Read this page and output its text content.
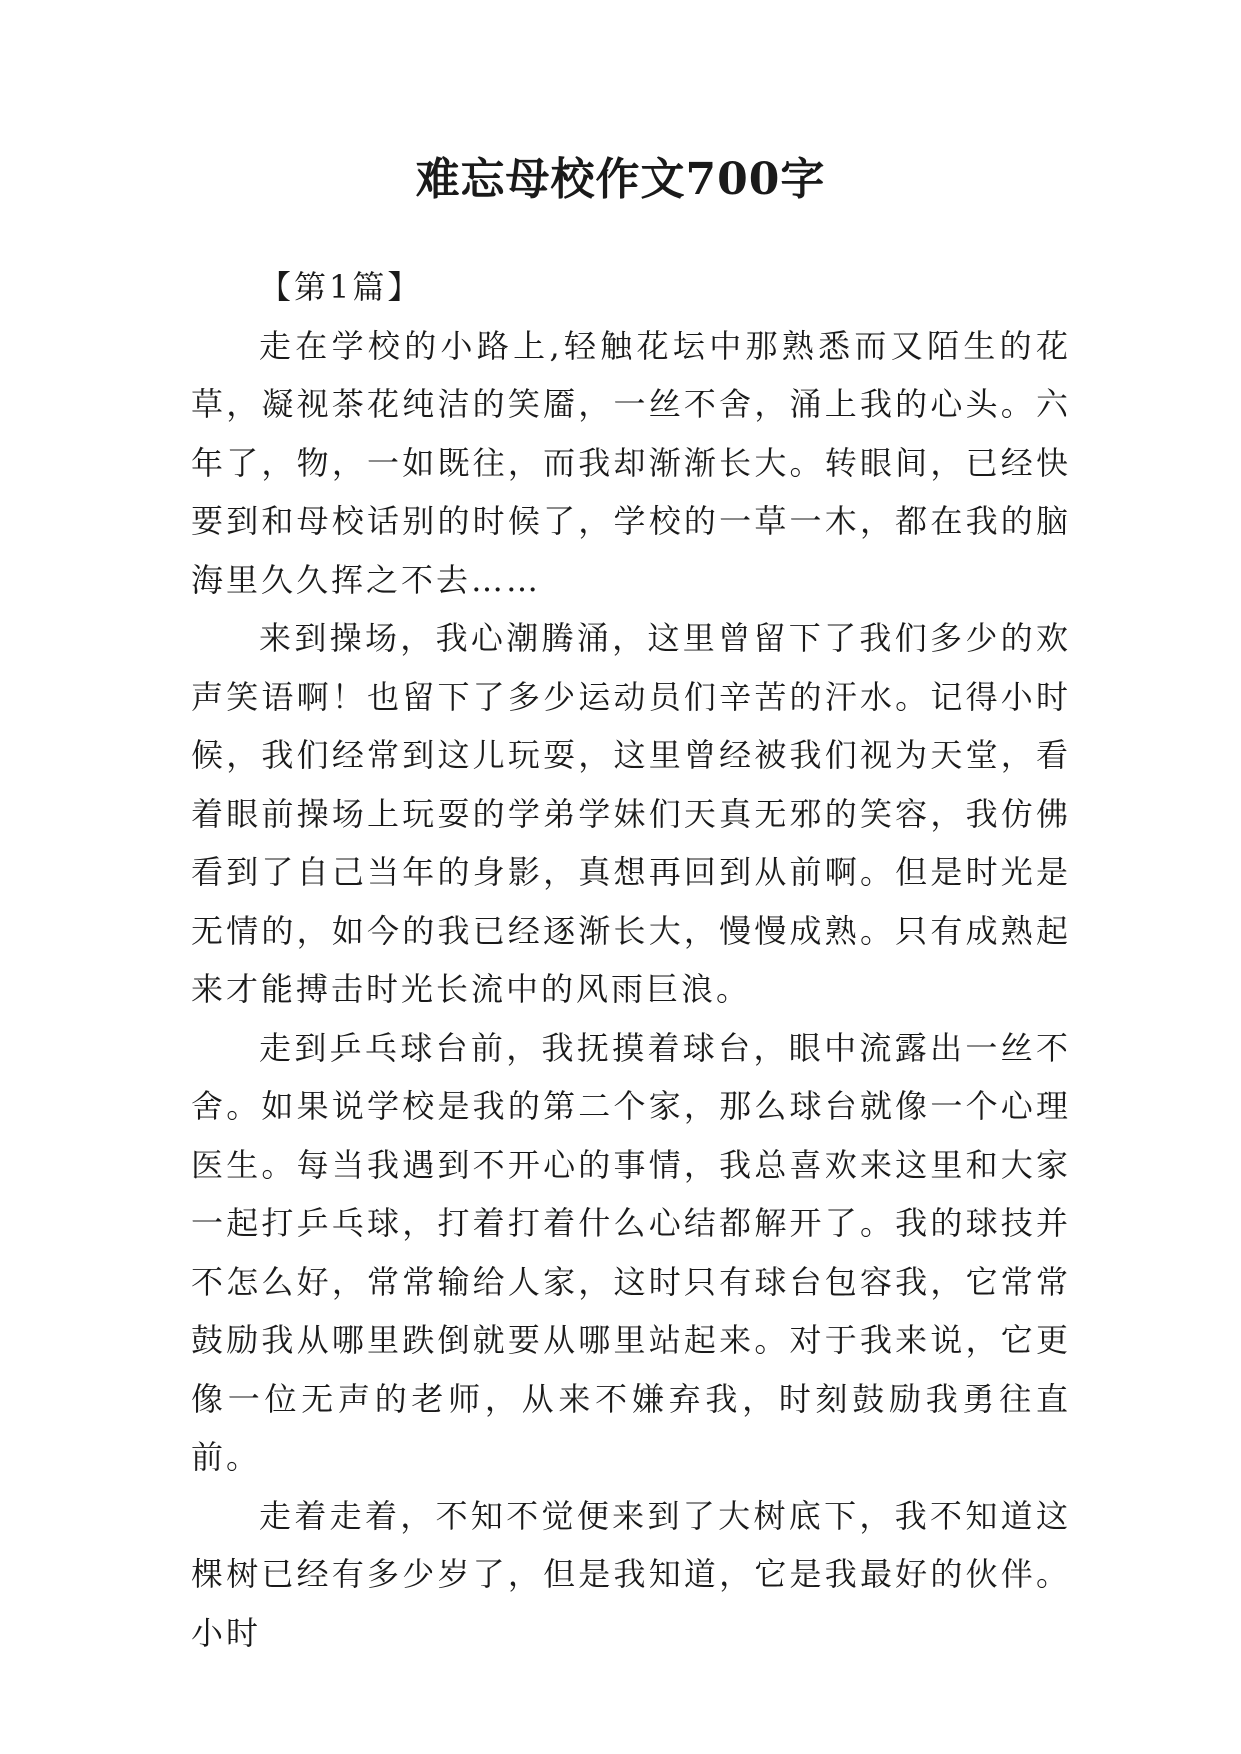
难忘母校作文700字

【第1篇】

走在学校的小路上,轻触花坛中那熟悉而又陌生的花草，凝视茶花纯洁的笑靥，一丝不舍，涌上我的心头。六年了，物，一如既往，而我却渐渐长大。转眼间，已经快要到和母校话别的时候了，学校的一草一木，都在我的脑海里久久挥之不去……

来到操场，我心潮腾涌，这里曾留下了我们多少的欢声笑语啊！也留下了多少运动员们辛苦的汗水。记得小时候，我们经常到这儿玩耍，这里曾经被我们视为天堂，看着眼前操场上玩耍的学弟学妹们天真无邪的笑容，我仿佛看到了自己当年的身影，真想再回到从前啊。但是时光是无情的，如今的我已经逐渐长大，慢慢成熟。只有成熟起来才能搏击时光长流中的风雨巨浪。

走到乒乓球台前，我抚摸着球台，眼中流露出一丝不舍。如果说学校是我的第二个家，那么球台就像一个心理医生。每当我遇到不开心的事情，我总喜欢来这里和大家一起打乒乓球，打着打着什么心结都解开了。我的球技并不怎么好，常常输给人家，这时只有球台包容我，它常常鼓励我从哪里跌倒就要从哪里站起来。对于我来说，它更像一位无声的老师，从来不嫌弃我，时刻鼓励我勇往直前。

走着走着，不知不觉便来到了大树底下，我不知道这棵树已经有多少岁了，但是我知道，它是我最好的伙伴。小时
